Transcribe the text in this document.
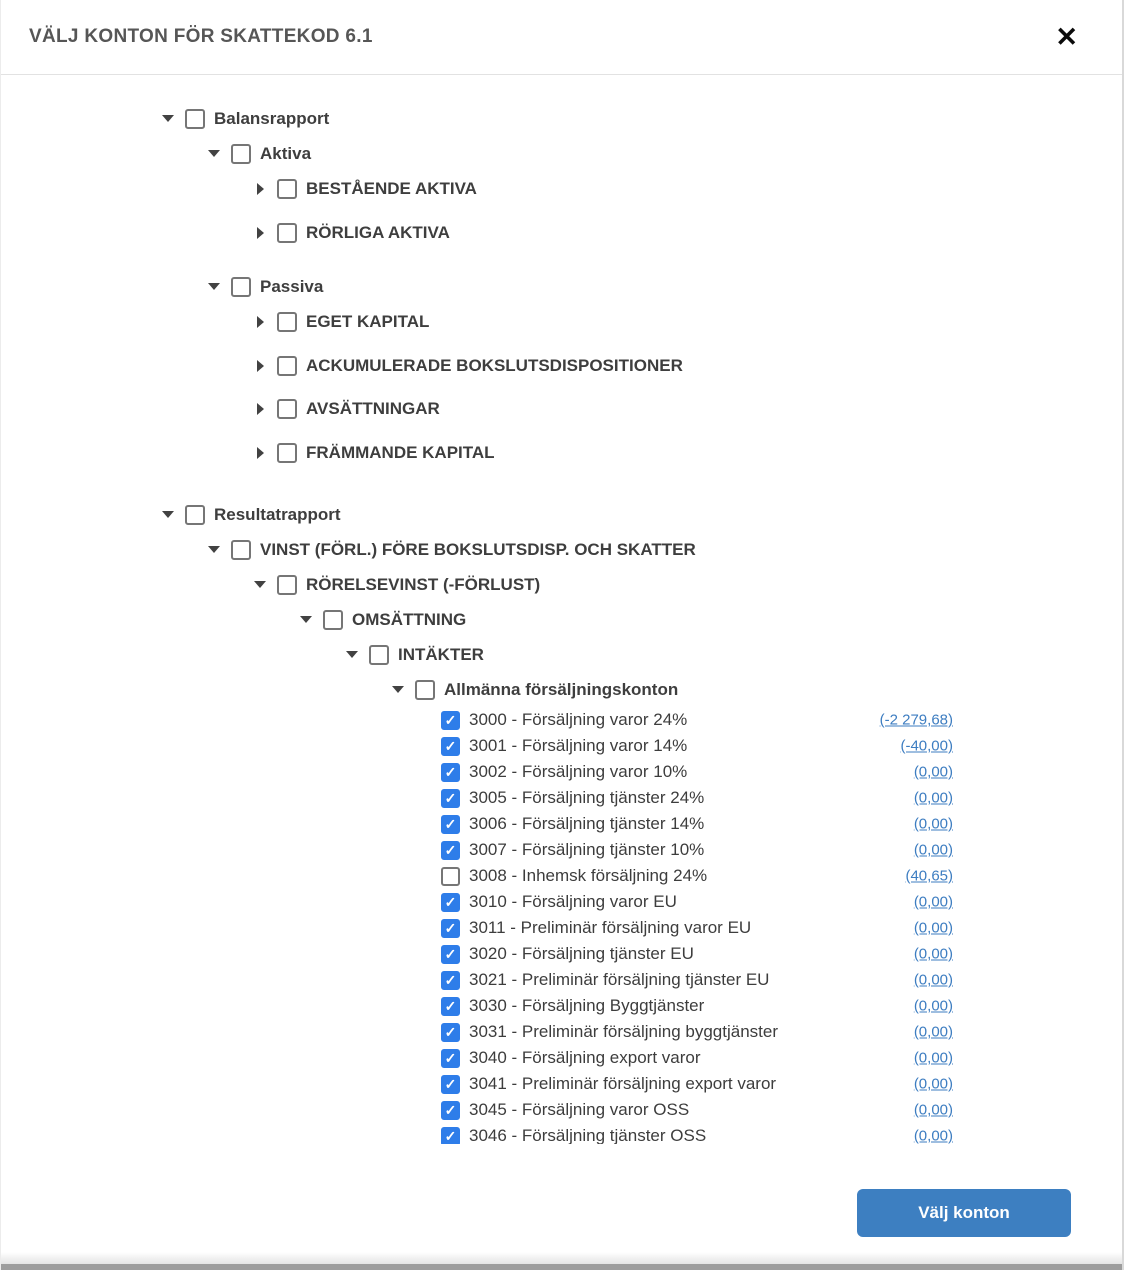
VÄLJ KONTON FÖR SKATTEKOD 6.1	✕
Balansrapport
Aktiva
BESTÅENDE AKTIVA
RÖRLIGA AKTIVA
Passiva
EGET KAPITAL
ACKUMULERADE BOKSLUTSDISPOSITIONER
AVSÄTTNINGAR
FRÄMMANDE KAPITAL
Resultatrapport
VINST (FÖRL.) FÖRE BOKSLUTSDISP. OCH SKATTER
RÖRELSEVINST (-FÖRLUST)
OMSÄTTNING
INTÄKTER
Allmänna försäljningskonton
✓ 3000 - Försäljning varor 24%	(-2 279,68)
✓ 3001 - Försäljning varor 14%	(-40,00)
✓ 3002 - Försäljning varor 10%	(0,00)
✓ 3005 - Försäljning tjänster 24%	(0,00)
✓ 3006 - Försäljning tjänster 14%	(0,00)
✓ 3007 - Försäljning tjänster 10%	(0,00)
3008 - Inhemsk försäljning 24%	(40,65)
✓ 3010 - Försäljning varor EU	(0,00)
✓ 3011 - Preliminär försäljning varor EU	(0,00)
✓ 3020 - Försäljning tjänster EU	(0,00)
✓ 3021 - Preliminär försäljning tjänster EU	(0,00)
✓ 3030 - Försäljning Byggtjänster	(0,00)
✓ 3031 - Preliminär försäljning byggtjänster	(0,00)
✓ 3040 - Försäljning export varor	(0,00)
✓ 3041 - Preliminär försäljning export varor	(0,00)
✓ 3045 - Försäljning varor OSS	(0,00)
✓ 3046 - Försäljning tjänster OSS	(0,00)
Välj konton
